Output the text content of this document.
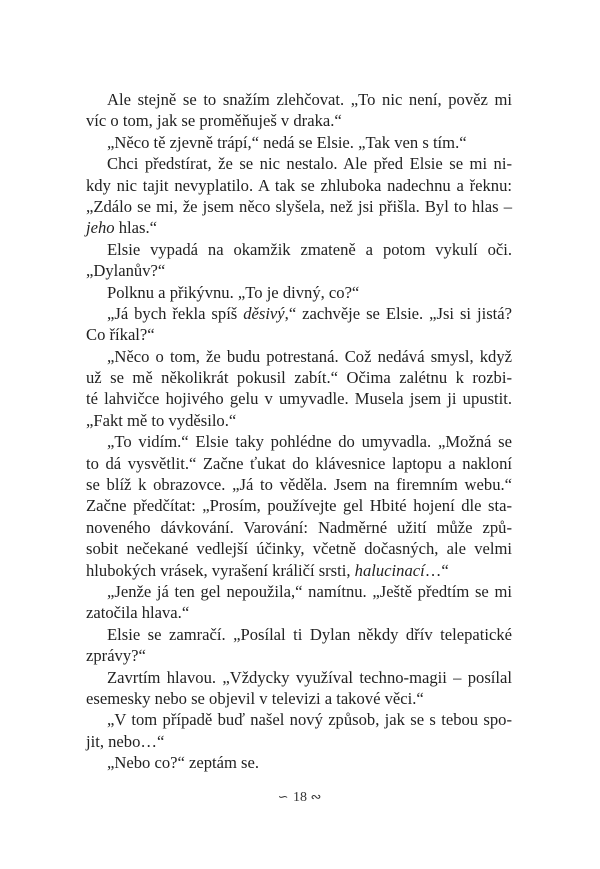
Ale stejně se to snažím zlehčovat. „To nic není, pověz mi
víc o tom, jak se proměňuješ v draka.“
„Něco tě zjevně trápí,“ nedá se Elsie. „Tak ven s tím.“
Chci předstírat, že se nic nestalo. Ale před Elsie se mi ni-
kdy nic tajit nevyplatilo. A tak se zhluboka nadechnu a řeknu:
„Zdálo se mi, že jsem něco slyšela, než jsi přišla. Byl to hlas –
jeho hlas.“
Elsie vypadá na okamžik zmateně a potom vykulí oči.
„Dylanův?“
Polknu a přikývnu. „To je divný, co?“
„Já bych řekla spíš děsivý,“ zachvěje se Elsie. „Jsi si jistá?
Co říkal?“
„Něco o tom, že budu potrestaná. Což nedává smysl, když
už se mě několikrát pokusil zabít.“ Očima zalétnu k rozbi-
té lahvičce hojivého gelu v umyvadle. Musela jsem ji upustit.
„Fakt mě to vyděsilo.“
„To vidím.“ Elsie taky pohlédne do umyvadla. „Možná se
to dá vysvětlit.“ Začne ťukat do klávesnice laptopu a nakloní
se blíž k obrazovce. „Já to věděla. Jsem na firemním webu.“
Začne předčítat: „Prosím, používejte gel Hbité hojení dle sta-
noveného dávkování. Varování: Nadměrné užití může způ-
sobit nečekané vedlejší účinky, včetně dočasných, ale velmi
hlubokých vrásek, vyrašení králičí srsti, halucinací…“
„Jenže já ten gel nepoužila,“ namítnu. „Ještě předtím se mi
zatočila hlava.“
Elsie se zamračí. „Posílal ti Dylan někdy dřív telepatické
zprávy?“
Zavrtím hlavou. „Vždycky využíval techno-magii – posílal
esemesky nebo se objevil v televizi a takové věci.“
„V tom případě buď našel nový způsob, jak se s tebou spo-
jit, nebo…“
„Nebo co?“ zeptám se.
∽ 18 ∾
